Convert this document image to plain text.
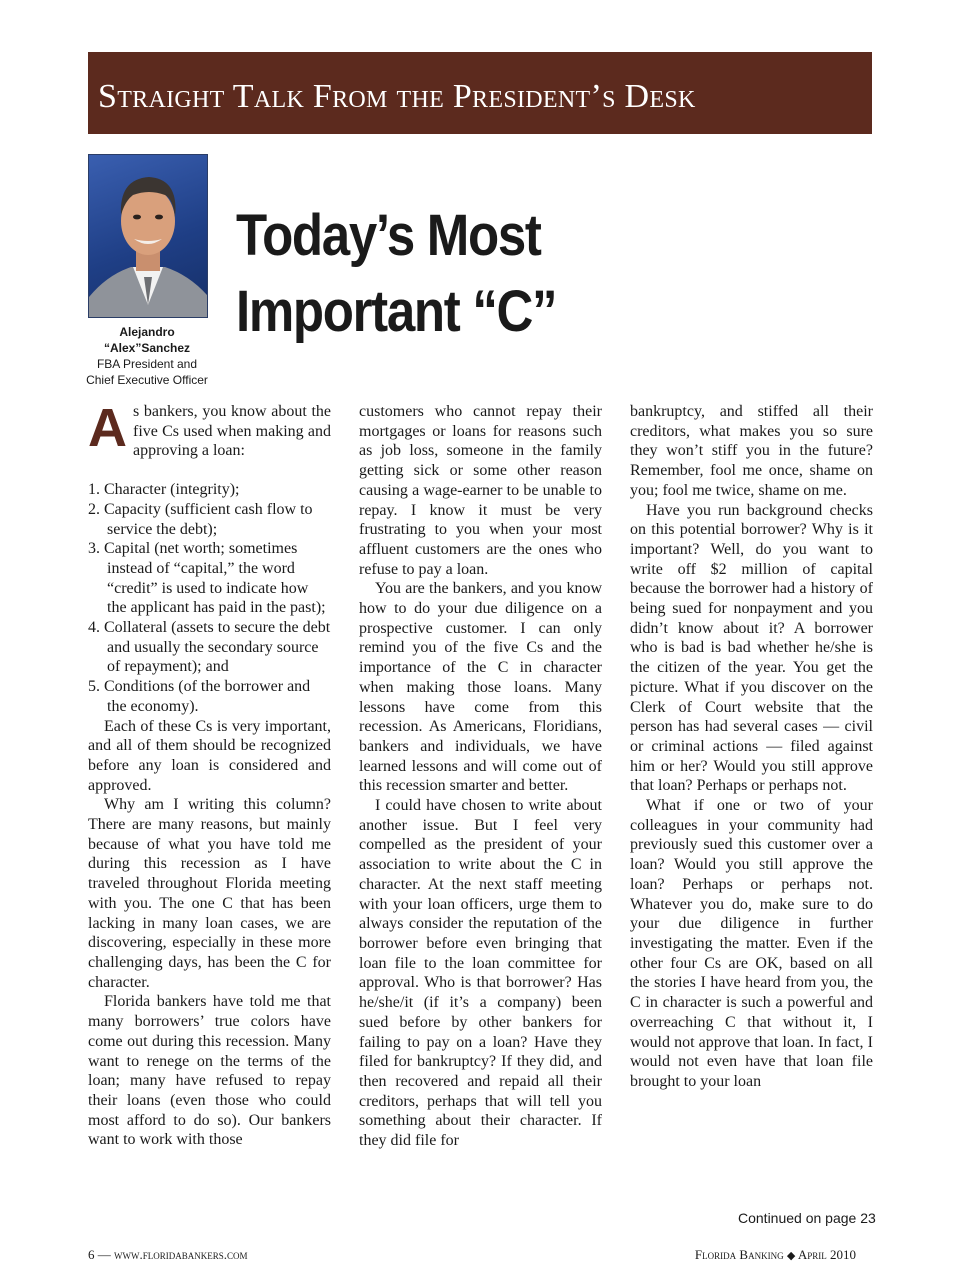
Straight Talk From the President’s Desk
Alejandro
“Alex”Sanchez
FBA President and
Chief Executive Officer
Today’s Most
Important “C”

As bankers, you know about the five Cs used when making and approving a loan:

1. Character (integrity);
2. Capacity (sufficient cash flow to service the debt);
3. Capital (net worth; sometimes instead of “capital,” the word “credit” is used to indicate how the applicant has paid in the past);
4. Collateral (assets to secure the debt and usually the secondary source of repayment); and
5. Conditions (of the borrower and the economy).

Each of these Cs is very important, and all of them should be recognized before any loan is considered and approved.

Why am I writing this column? There are many reasons, but mainly because of what you have told me during this recession as I have traveled throughout Florida meeting with you. The one C that has been lacking in many loan cases, we are discovering, especially in these more challenging days, has been the C for character.

Florida bankers have told me that many borrowers’ true colors have come out during this recession. Many want to renege on the terms of the loan; many have refused to repay their loans (even those who could most afford to do so). Our bankers want to work with those

customers who cannot repay their mortgages or loans for reasons such as job loss, someone in the family getting sick or some other reason causing a wage-earner to be unable to repay. I know it must be very frustrating to you when your most affluent customers are the ones who refuse to pay a loan.

You are the bankers, and you know how to do your due diligence on a prospective customer. I can only remind you of the five Cs and the importance of the C in character when making those loans. Many lessons have come from this recession. As Americans, Floridians, bankers and individuals, we have learned lessons and will come out of this recession smarter and better.

I could have chosen to write about another issue. But I feel very compelled as the president of your association to write about the C in character. At the next staff meeting with your loan officers, urge them to always consider the reputation of the borrower before even bringing that loan file to the loan committee for approval. Who is that borrower? Has he/she/it (if it’s a company) been sued before by other bankers for failing to pay on a loan? Have they filed for bankruptcy? If they did, and then recovered and repaid all their creditors, perhaps that will tell you something about their character. If they did file for

bankruptcy, and stiffed all their creditors, what makes you so sure they won’t stiff you in the future? Remember, fool me once, shame on you; fool me twice, shame on me.

Have you run background checks on this potential borrower? Why is it important? Well, do you want to write off $2 million of capital because the borrower had a history of being sued for nonpayment and you didn’t know about it? A borrower who is bad is bad whether he/she is the citizen of the year. You get the picture. What if you discover on the Clerk of Court website that the person has had several cases — civil or criminal actions — filed against him or her? Would you still approve that loan? Perhaps or perhaps not.

What if one or two of your colleagues in your community had previously sued this customer over a loan? Would you still approve the loan? Perhaps or perhaps not. Whatever you do, make sure to do your due diligence in further investigating the matter. Even if the other four Cs are OK, based on all the stories I have heard from you, the C in character is such a powerful and overreaching C that without it, I would not approve that loan. In fact, I would not even have that loan file brought to your loan

Continued on page 23
6 — www.floridabankers.com	Florida Banking ◆ April 2010
